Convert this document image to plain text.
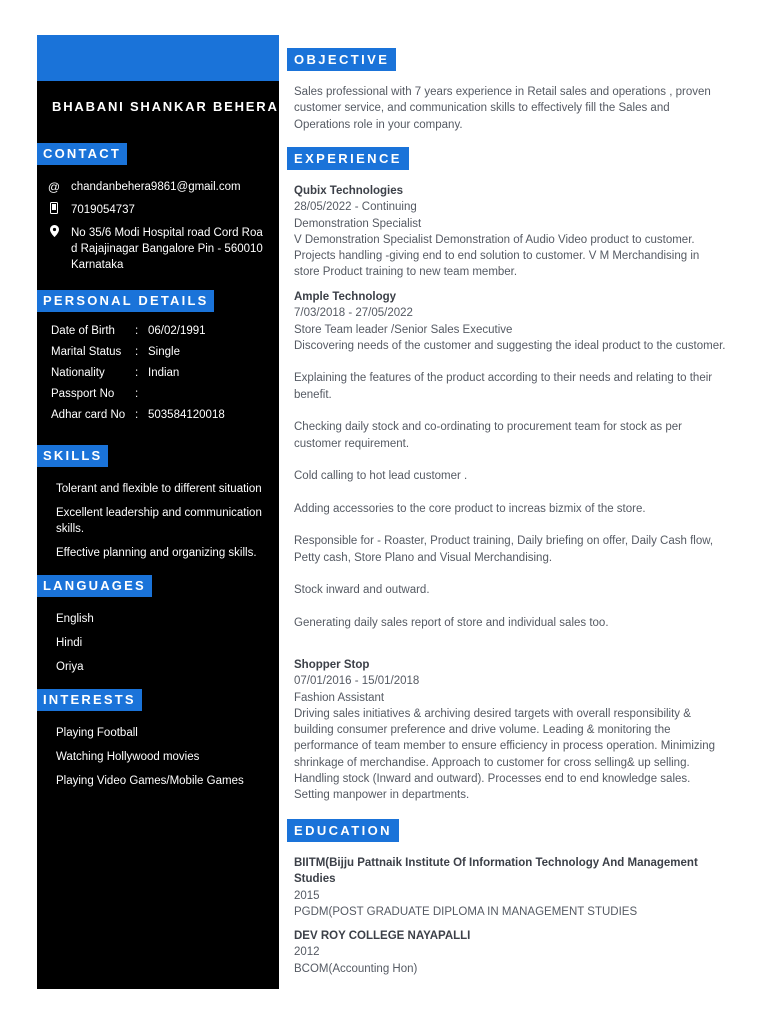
BHABANI SHANKAR BEHERA
CONTACT
@ chandanbehera9861@gmail.com
7019054737
No 35/6 Modi Hospital road Cord Roa
d Rajajinagar Bangalore Pin - 560010
Karnataka
PERSONAL DETAILS
Date of Birth	: 06/02/1991
Marital Status	: Single
Nationality	: Indian
Passport No	:
Adhar card No : 503584120018
SKILLS
Tolerant and flexible to different situation
Excellent leadership and communication skills.
Effective planning and organizing skills.
LANGUAGES
English
Hindi
Oriya
INTERESTS
Playing Football
Watching Hollywood movies
Playing Video Games/Mobile Games
OBJECTIVE
Sales professional with 7 years experience in Retail sales and operations , proven customer service, and communication skills to effectively fill the Sales and Operations role in your company.
EXPERIENCE
Qubix Technologies
28/05/2022 - Continuing
Demonstration Specialist
V Demonstration Specialist Demonstration of Audio Video product to customer. Projects handling -giving end to end solution to customer. V M Merchandising in store Product training to new team member.
Ample Technology
7/03/2018 - 27/05/2022
Store Team leader /Senior Sales Executive
Discovering needs of the customer and suggesting the ideal product to the customer.
Explaining the features of the product according to their needs and relating to their benefit.
Checking daily stock and co-ordinating to procurement team for stock as per customer requirement.
Cold calling to hot lead customer .
Adding accessories to the core product to increas bizmix of the store.
Responsible for - Roaster, Product training, Daily briefing on offer, Daily Cash flow, Petty cash, Store Plano and Visual Merchandising.
Stock inward and outward.
Generating daily sales report of store and individual sales too.
Shopper Stop
07/01/2016 - 15/01/2018
Fashion Assistant
Driving sales initiatives & archiving desired targets with overall responsibility & building consumer preference and drive volume. Leading & monitoring the performance of team member to ensure efficiency in process operation. Minimizing shrinkage of merchandise. Approach to customer for cross selling& up selling. Handling stock (Inward and outward). Processes end to end knowledge sales. Setting manpower in departments.
EDUCATION
BIITM(Bijju Pattnaik Institute Of Information Technology And Management Studies
2015
PGDM(POST GRADUATE DIPLOMA IN MANAGEMENT STUDIES
DEV ROY COLLEGE NAYAPALLI
2012
BCOM(Accounting Hon)
